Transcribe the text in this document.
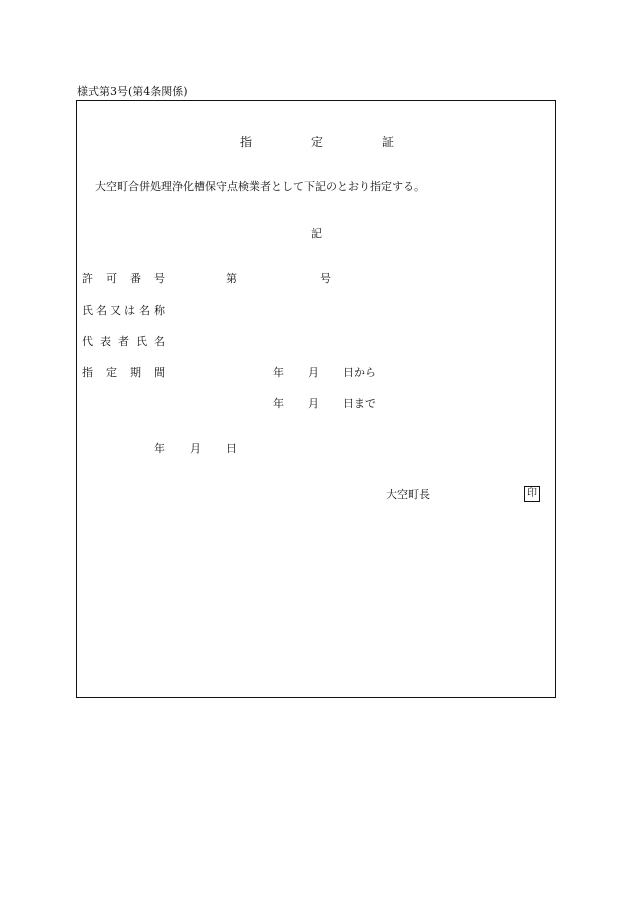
様式第3号(第4条関係)
指	定	証
大空町合併処理浄化槽保守点検業者として下記のとおり指定する。
記
許 可 番 号	第	号
氏 名 又 は 名 称
代 表 者 氏 名
指 定 期 間	年 月 日から
年 月 日まで
年 月 日
大空町長	印
